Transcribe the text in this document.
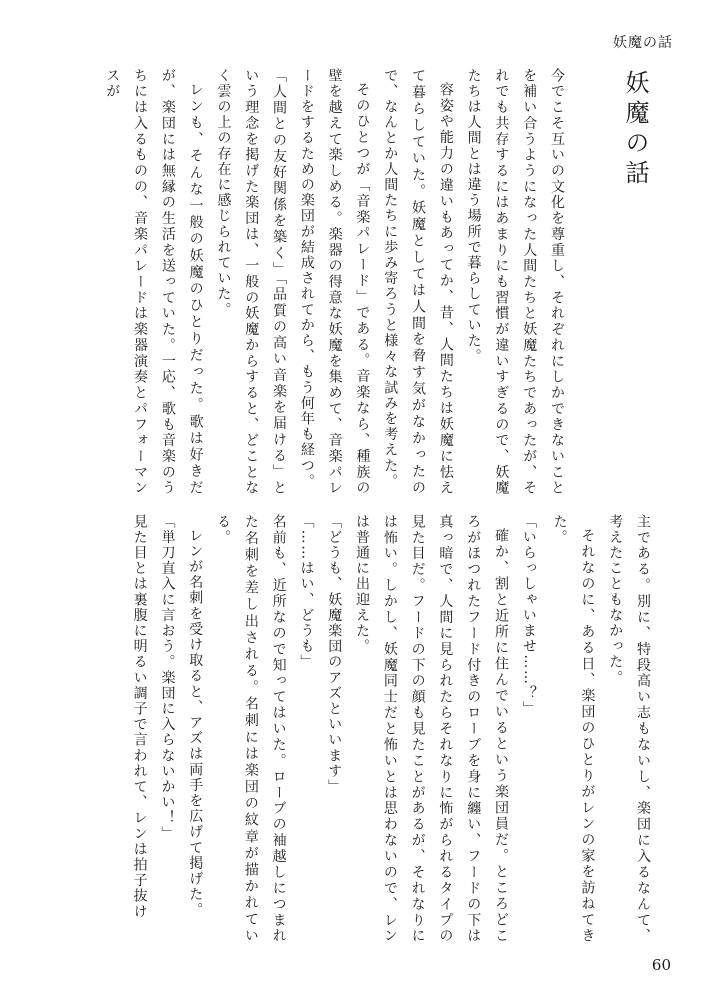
妖魔の話
妖魔の話

今でこそ互いの文化を尊重し、それぞれにしかできないことを補い合うようになった人間たちと妖魔たちであったが、それでも共存するにはあまりにも習慣が違いすぎるので、妖魔たちは人間とは違う場所で暮らしていた。

容姿や能力の違いもあってか、昔、人間たちは妖魔に怯えて暮らしていた。妖魔としては人間を脅す気がなかったので、なんとか人間たちに歩み寄ろうと様々な試みを考えた。

そのひとつが「音楽パレード」である。音楽なら、種族の壁を越えて楽しめる。楽器の得意な妖魔を集めて、音楽パレードをするための楽団が結成されてから、もう何年も経つ。

「人間との友好関係を築く」「品質の高い音楽を届ける」という理念を掲げた楽団は、一般の妖魔からすると、どことなく雲の上の存在に感じられていた。

レンも、そんな一般の妖魔のひとりだった。歌は好きだが、楽団には無縁の生活を送っていた。一応、歌も音楽のうちには入るものの、音楽パレードは楽器演奏とパフォーマンスが

主である。別に、特段高い志もないし、楽団に入るなんて、考えたこともなかった。

それなのに、ある日、楽団のひとりがレンの家を訪ねてきた。

「いらっしゃいませ……？」

確か、割と近所に住んでいるという楽団員だ。ところどころがほつれたフード付きのローブを身に纏い、フードの下は真っ暗で、人間に見られたらそれなりに怖がられるタイプの見た目だ。フードの下の顔も見たことがあるが、それなりには怖い。しかし、妖魔同士だと怖いとは思わないので、レンは普通に出迎えた。

「どうも、妖魔楽団のアズといいます」

「……はい、どうも」

名前も、近所なので知ってはいた。ローブの袖越しにつまれた名刺を差し出される。名刺には楽団の紋章が描かれている。

レンが名刺を受け取ると、アズは両手を広げて掲げた。

「単刀直入に言おう。楽団に入らないかい！」

見た目とは裏腹に明るい調子で言われて、レンは拍子抜け

60
